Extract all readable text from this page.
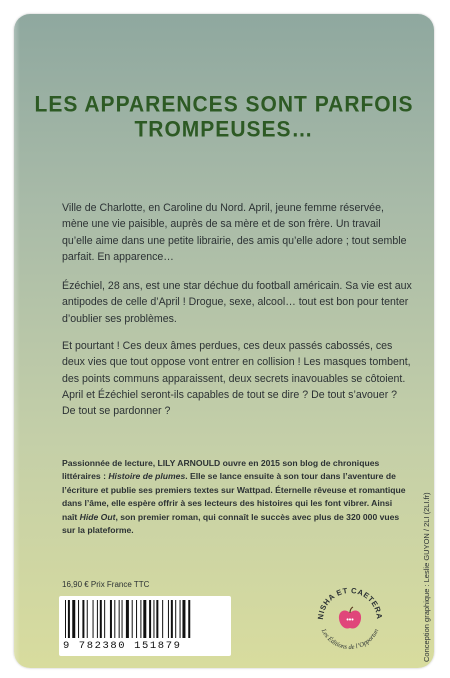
LES APPARENCES SONT PARFOIS
TROMPEUSES…

Ville de Charlotte, en Caroline du Nord. April, jeune femme réservée, mène une vie paisible, auprès de sa mère et de son frère. Un travail qu’elle aime dans une petite librairie, des amis qu’elle adore ; tout semble parfait. En apparence…

Ézéchiel, 28 ans, est une star déchue du football américain. Sa vie est aux antipodes de celle d’April ! Drogue, sexe, alcool… tout est bon pour tenter d’oublier ses problèmes.

Et pourtant ! Ces deux âmes perdues, ces deux passés cabossés, ces deux vies que tout oppose vont entrer en collision ! Les masques tombent, des points communs apparaissent, deux secrets inavouables se côtoient. April et Ézéchiel seront-ils capables de tout se dire ? De tout s’avouer ? De tout se pardonner ?

Passionnée de lecture, LILY ARNOULD ouvre en 2015 son blog de chroniques littéraires : Histoire de plumes. Elle se lance ensuite à son tour dans l’aventure de l’écriture et publie ses premiers textes sur Wattpad. Éternelle rêveuse et romantique dans l’âme, elle espère offrir à ses lecteurs des histoires qui les font vibrer. Ainsi naît Hide Out, son premier roman, qui connaît le succès avec plus de 320 000 vues sur la plateforme.

16,90 € Prix France TTC
9 782380 151879
NISHA ET CAETERA
Les Éditions de l’Opportun
•••	Conception graphique : Leslie GUYON / 2LI (2LI.fr)
